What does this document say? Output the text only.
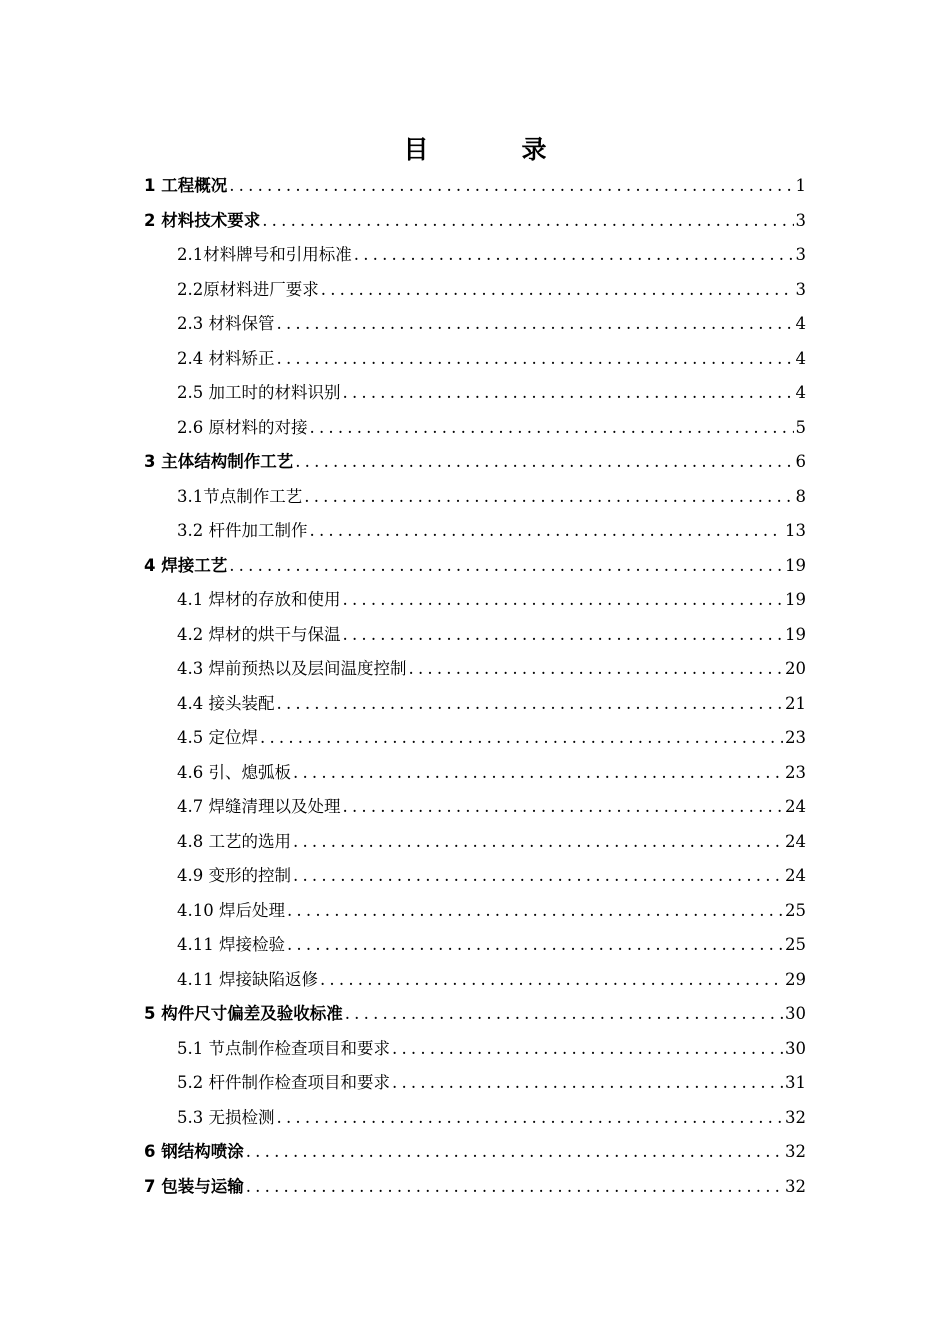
目　录
1 工程概况 .....	1
2 材料技术要求 .....	3
2.1材料牌号和引用标准 .....	3
2.2原材料进厂要求 .....	3
2.3 材料保管 .....	4
2.4 材料矫正 .....	4
2.5 加工时的材料识别 .....	4
2.6 原材料的对接 .....	5
3 主体结构制作工艺 .....	6
3.1节点制作工艺 .....	8
3.2 杆件加工制作 .....	13
4 焊接工艺 .....	19
4.1 焊材的存放和使用 .....	19
4.2 焊材的烘干与保温 .....	19
4.3 焊前预热以及层间温度控制 .....	20
4.4 接头装配 .....	21
4.5 定位焊 .....	23
4.6 引、熄弧板 .....	23
4.7 焊缝清理以及处理 .....	24
4.8 工艺的选用 .....	24
4.9 变形的控制 .....	24
4.10 焊后处理 .....	25
4.11 焊接检验 .....	25
4.11 焊接缺陷返修 .....	29
5 构件尺寸偏差及验收标准 .....	30
5.1 节点制作检查项目和要求 .....	30
5.2 杆件制作检查项目和要求 .....	31
5.3 无损检测 .....	32
6 钢结构喷涂 .....	32
7 包装与运输 .....	32
